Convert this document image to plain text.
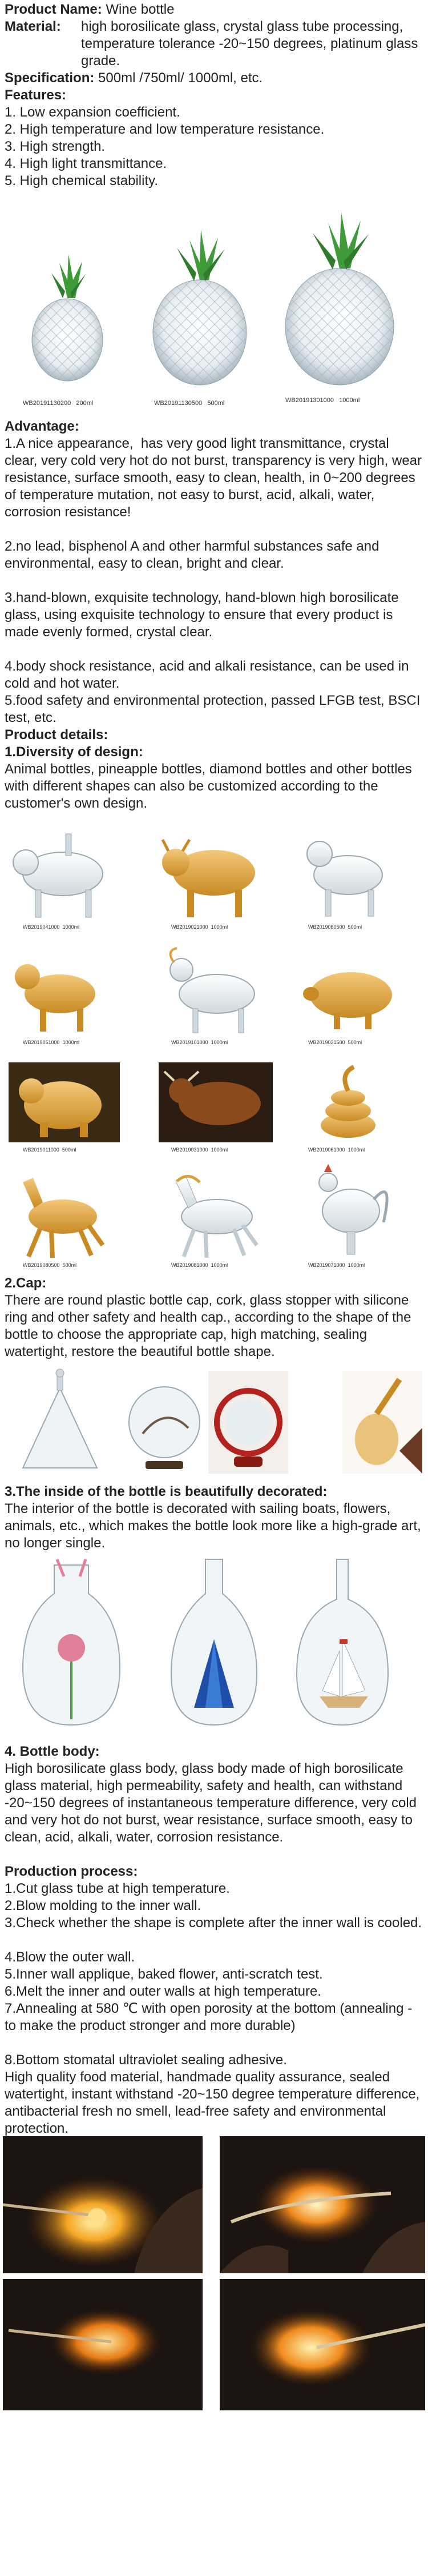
Product Name: Wine bottle
Material:	high borosilicate glass, crystal glass tube processing, temperature tolerance -20~150 degrees, platinum glass grade.
Specification: 500ml /750ml/ 1000ml, etc.
Features:
1. Low expansion coefficient.
2. High temperature and low temperature resistance.
3. High strength.
4. High light transmittance.
5. High chemical stability.
WB20191130200 200ml	WB20191130500 500ml	WB20191301000 1000ml
Advantage:
1.A nice appearance,  has very good light transmittance, crystal clear, very cold very hot do not burst, transparency is very high, wear resistance, surface smooth, easy to clean, health, in 0~200 degrees of temperature mutation, not easy to burst, acid, alkali, water, corrosion resistance!
2.no lead, bisphenol A and other harmful substances safe and environmental, easy to clean, bright and clear.
3.hand-blown, exquisite technology, hand-blown high borosilicate glass, using exquisite technology to ensure that every product is made evenly formed, crystal clear.
4.body shock resistance, acid and alkali resistance, can be used in cold and hot water.
5.food safety and environmental protection, passed LFGB test, BSCI test, etc.
Product details:
1.Diversity of design:
Animal bottles, pineapple bottles, diamond bottles and other bottles with different shapes can also be customized according to the customer's own design.
WB2019041000 1000ml	WB2019021000 1000ml	WB2019060500 500ml
WB2019051000 1000ml	WB2019101000 1000ml	WB2019021500 500ml
WB2019011000 500ml	WB2019031000 1000ml	WB2019061000 1000ml
WB2019080500 500ml	WB2019081000 1000ml	WB2019071000 1000ml
2.Cap:
There are round plastic bottle cap, cork, glass stopper with silicone ring and other safety and health cap., according to the shape of the bottle to choose the appropriate cap, high matching, sealing watertight, restore the beautiful bottle shape.
3.The inside of the bottle is beautifully decorated:
The interior of the bottle is decorated with sailing boats, flowers, animals, etc., which makes the bottle look more like a high-grade art, no longer single.
4. Bottle body:
High borosilicate glass body, glass body made of high borosilicate glass material, high permeability, safety and health, can withstand -20~150 degrees of instantaneous temperature difference, very cold and very hot do not burst, wear resistance, surface smooth, easy to clean, acid, alkali, water, corrosion resistance.
Production process:
1.Cut glass tube at high temperature.
2.Blow molding to the inner wall.
3.Check whether the shape is complete after the inner wall is cooled.
4.Blow the outer wall.
5.Inner wall applique, baked flower, anti-scratch test.
6.Melt the inner and outer walls at high temperature.
7.Annealing at 580 ℃ with open porosity at the bottom (annealing - to make the product stronger and more durable)
8.Bottom stomatal ultraviolet sealing adhesive.
High quality food material, handmade quality assurance, sealed watertight, instant withstand -20~150 degree temperature difference, antibacterial fresh no smell, lead-free safety and environmental protection.
